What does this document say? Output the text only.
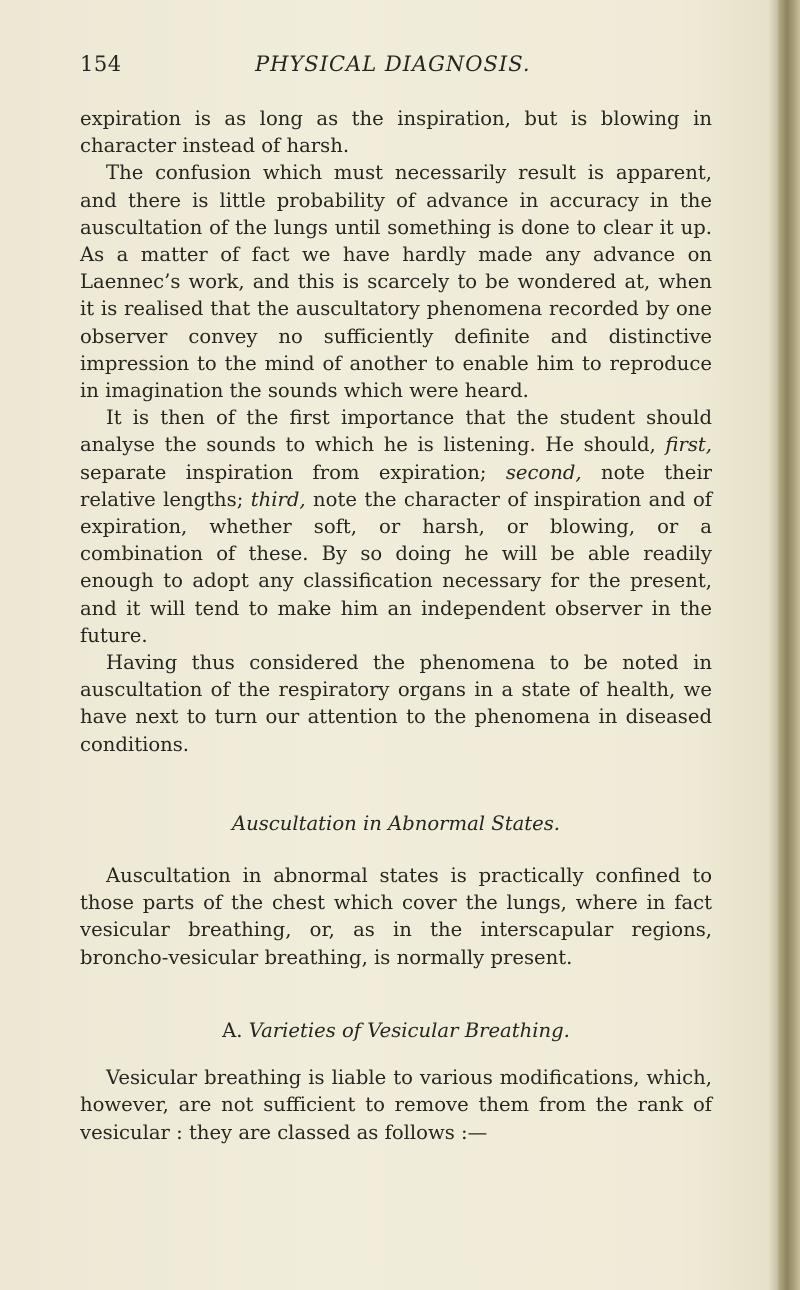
154	PHYSICAL DIAGNOSIS.

expiration is as long as the inspiration, but is blowing in character instead of harsh.

The confusion which must necessarily result is apparent, and there is little probability of advance in accuracy in the auscultation of the lungs until something is done to clear it up. As a matter of fact we have hardly made any advance on Laennec’s work, and this is scarcely to be wondered at, when it is realised that the auscultatory phenomena recorded by one observer convey no sufficiently definite and distinctive impression to the mind of another to enable him to reproduce in imagination the sounds which were heard.

It is then of the first importance that the student should analyse the sounds to which he is listening. He should, first, separate inspiration from expiration; second, note their relative lengths; third, note the character of inspiration and of expiration, whether soft, or harsh, or blowing, or a combination of these. By so doing he will be able readily enough to adopt any classification necessary for the present, and it will tend to make him an independent observer in the future.

Having thus considered the phenomena to be noted in auscultation of the respiratory organs in a state of health, we have next to turn our attention to the phenomena in diseased conditions.

Auscultation in Abnormal States.

Auscultation in abnormal states is practically confined to those parts of the chest which cover the lungs, where in fact vesicular breathing, or, as in the interscapular regions, broncho-vesicular breathing, is normally present.

A. Varieties of Vesicular Breathing.

Vesicular breathing is liable to various modifications, which, however, are not sufficient to remove them from the rank of vesicular : they are classed as follows :—
